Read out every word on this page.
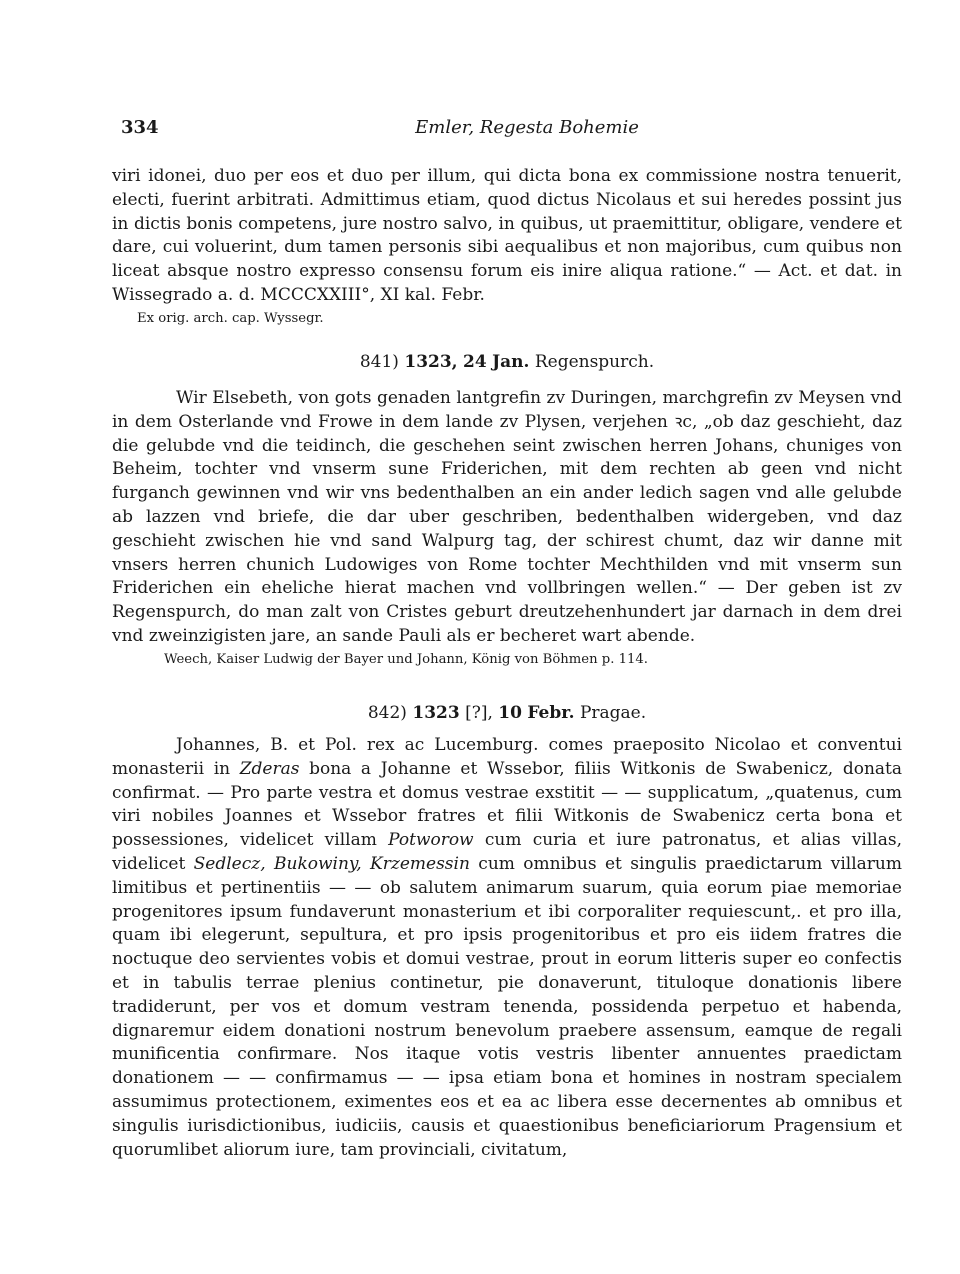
334	Emler, Regesta Bohemie

viri idonei, duo per eos et duo per illum, qui dicta bona ex commissione nostra tenuerit, electi, fuerint arbitrati. Admittimus etiam, quod dictus Nicolaus et sui heredes possint jus in dictis bonis competens, jure nostro salvo, in quibus, ut praemittitur, obligare, vendere et dare, cui voluerint, dum tamen personis sibi aequalibus et non majoribus, cum quibus non liceat absque nostro expresso consensu forum eis inire aliqua ratione.“ — Act. et dat. in Wissegrado a. d. MCCCXXIII°, XI kal. Febr.

Ex orig. arch. cap. Wyssegr.

841) 1323, 24 Jan. Regenspurch.

Wir Elsebeth, von gots genaden lantgrefin zv Duringen, marchgrefin zv Meysen vnd in dem Osterlande vnd Frowe in dem lande zv Plysen, verjehen ꝛc, „ob daz geschieht, daz die gelubde vnd die teidinch, die geschehen seint zwischen herren Johans, chuniges von Beheim, tochter vnd vnserm sune Friderichen, mit dem rechten ab geen vnd nicht furganch gewinnen vnd wir vns bedenthalben an ein ander ledich sagen vnd alle gelubde ab lazzen vnd briefe, die dar uber geschriben, bedenthalben widergeben, vnd daz geschieht zwischen hie vnd sand Walpurg tag, der schirest chumt, daz wir danne mit vnsers herren chunich Ludowiges von Rome tochter Mechthilden vnd mit vnserm sun Friderichen ein eheliche hierat machen vnd vollbringen wellen.“ — Der geben ist zv Regenspurch, do man zalt von Cristes geburt dreutzehenhundert jar darnach in dem drei vnd zweinzigisten jare, an sande Pauli als er becheret wart abende.

Weech, Kaiser Ludwig der Bayer und Johann, König von Böhmen p. 114.

842) 1323 [?], 10 Febr. Pragae.

Johannes, B. et Pol. rex ac Lucemburg. comes praeposito Nicolao et conventui monasterii in Zderas bona a Johanne et Wssebor, filiis Witkonis de Swabenicz, donata confirmat. — Pro parte vestra et domus vestrae exstitit — — supplicatum, „quatenus, cum viri nobiles Joannes et Wssebor fratres et filii Witkonis de Swabenicz certa bona et possessiones, videlicet villam Potworow cum curia et iure patronatus, et alias villas, videlicet Sedlecz, Bukowiny, Krzemessin cum omnibus et singulis praedictarum villarum limitibus et pertinentiis — — ob salutem animarum suarum, quia eorum piae memoriae progenitores ipsum fundaverunt monasterium et ibi corporaliter requiescunt,. et pro illa, quam ibi elegerunt, sepultura, et pro ipsis progenitoribus et pro eis iidem fratres die noctuque deo servientes vobis et domui vestrae, prout in eorum litteris super eo confectis et in tabulis terrae plenius continetur, pie donaverunt, tituloque donationis libere tradiderunt, per vos et domum vestram tenenda, possidenda perpetuo et habenda, dignaremur eidem donationi nostrum benevolum praebere assensum, eamque de regali munificentia confirmare. Nos itaque votis vestris libenter annuentes praedictam donationem — — confirmamus — — ipsa etiam bona et homines in nostram specialem assumimus protectionem, eximentes eos et ea ac libera esse decernentes ab omnibus et singulis iurisdictionibus, iudiciis, causis et quaestionibus beneficiariorum Pragensium et quorumlibet aliorum iure, tam provinciali, civitatum,
